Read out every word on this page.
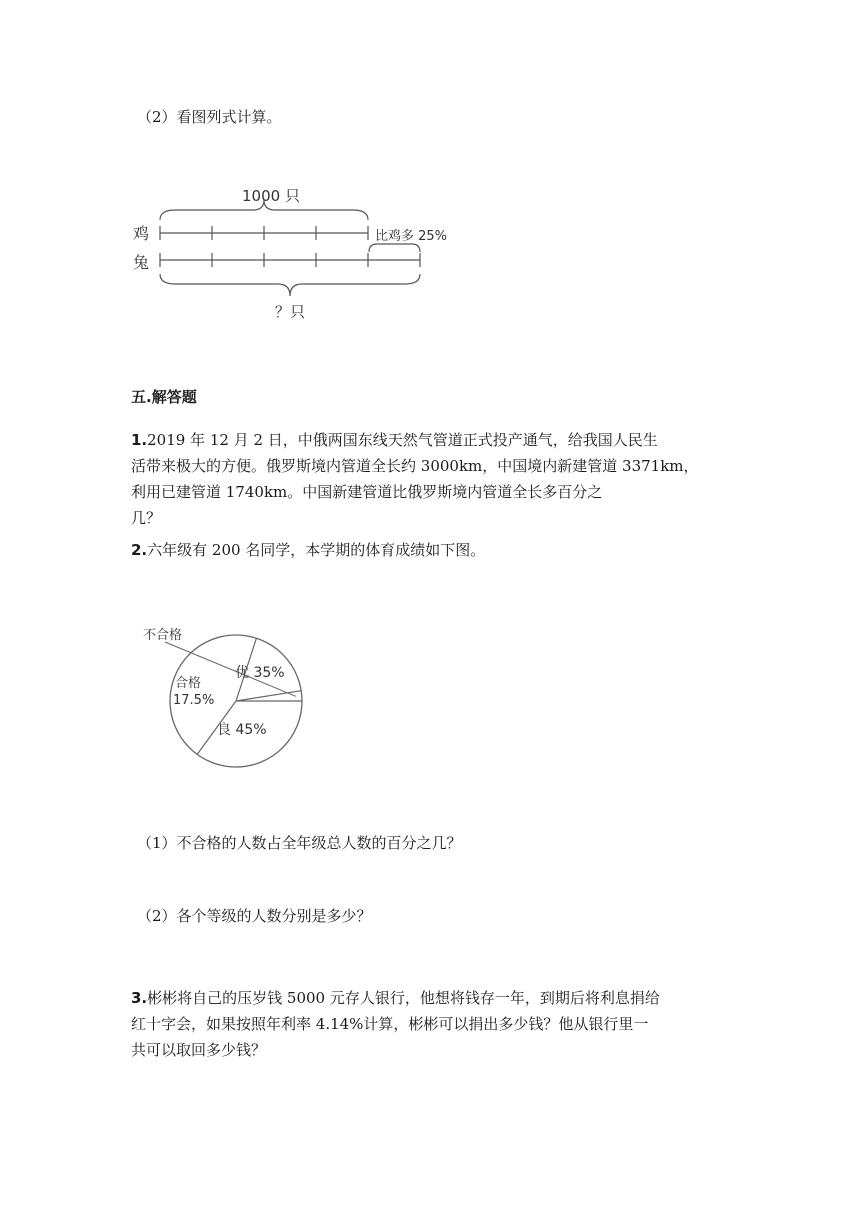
（2）看图列式计算。
1000 只
鸡	比鸡多 25%
兔
？只
五.解答题
1.2019 年 12 月 2 日，中俄两国东线天然气管道正式投产通气，给我国人民生
活带来极大的方便。俄罗斯境内管道全长约 3000km，中国境内新建管道 3371km，
利用已建管道 1740km。中国新建管道比俄罗斯境内管道全长多百分之
几？
2.六年级有 200 名同学，本学期的体育成绩如下图。
不合格
合格
17.5%
优 35%
良 45%
（1）不合格的人数占全年级总人数的百分之几？
（2）各个等级的人数分别是多少？
3.彬彬将自己的压岁钱 5000 元存人银行，他想将钱存一年，到期后将利息捐给
红十字会，如果按照年利率 4.14%计算，彬彬可以捐出多少钱？他从银行里一
共可以取回多少钱？
